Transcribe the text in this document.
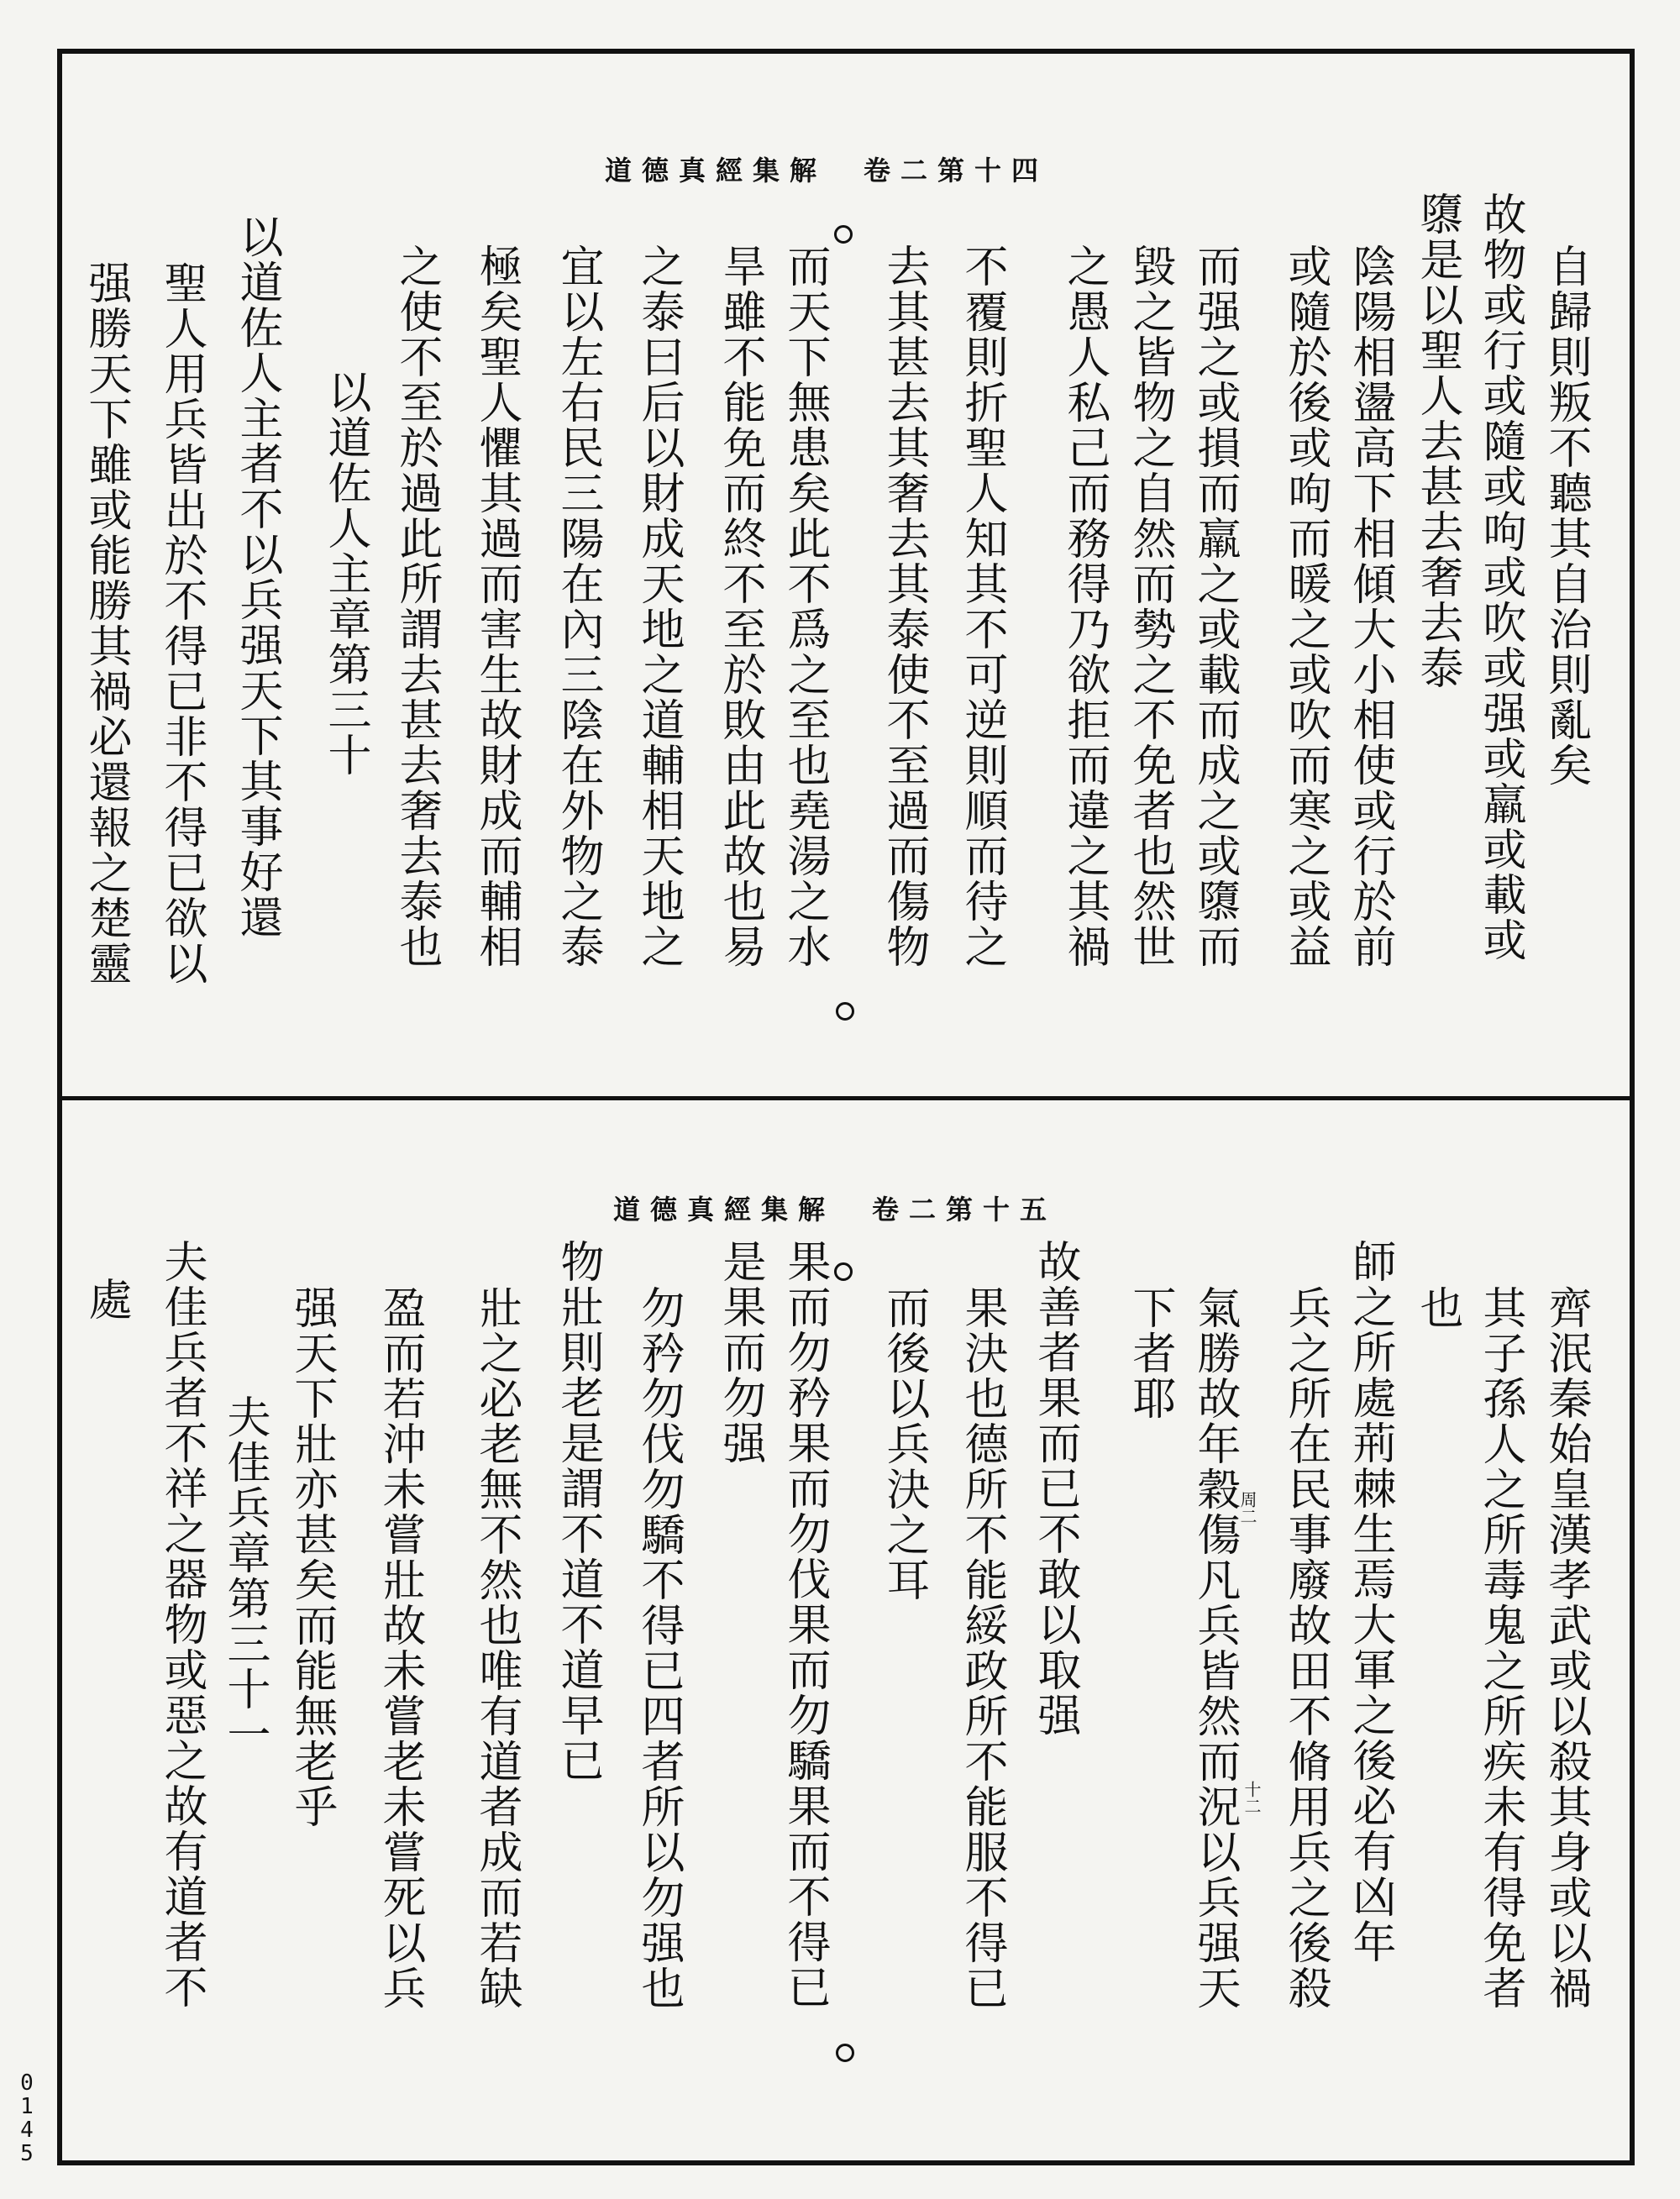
道德真經集解　卷二第十四
自歸則叛不聽其自治則亂矣
故物或行或隨或呴或吹或强或羸或載或
隳是以聖人去甚去奢去泰
陰陽相盪高下相傾大小相使或行於前
或隨於後或呴而暖之或吹而寒之或益
而强之或損而羸之或載而成之或隳而
毀之皆物之自然而勢之不免者也然世
之愚人私己而務得乃欲拒而違之其禍
不覆則折聖人知其不可逆則順而待之
去其甚去其奢去其泰使不至過而傷物
而天下無患矣此不爲之至也堯湯之水
旱雖不能免而終不至於敗由此故也易
之泰曰后以財成天地之道輔相天地之
宜以左右民三陽在內三陰在外物之泰
極矣聖人懼其過而害生故財成而輔相
之使不至於過此所謂去甚去奢去泰也
以道佐人主章第三十
以道佐人主者不以兵强天下其事好還
聖人用兵皆出於不得已非不得已欲以
强勝天下雖或能勝其禍必還報之楚靈
道德真經集解　卷二第十五
齊泯秦始皇漢孝武或以殺其身或以禍
其子孫人之所毒鬼之所疾未有得免者
也
師之所處荊棘生焉大軍之後必有凶年
兵之所在民事廢故田不脩用兵之後殺
氣勝故年穀傷凡兵皆然而況以兵强天
下者耶
故善者果而已不敢以取强
果決也德所不能綏政所不能服不得已
而後以兵決之耳
果而勿矜果而勿伐果而勿驕果而不得已
是果而勿强
勿矜勿伐勿驕不得已四者所以勿强也
物壯則老是謂不道不道早已
壯之必老無不然也唯有道者成而若缺
盈而若沖未嘗壯故未嘗老未嘗死以兵
强天下壯亦甚矣而能無老乎
夫佳兵章第三十一
夫佳兵者不祥之器物或惡之故有道者不
處
十二
周二
0145
